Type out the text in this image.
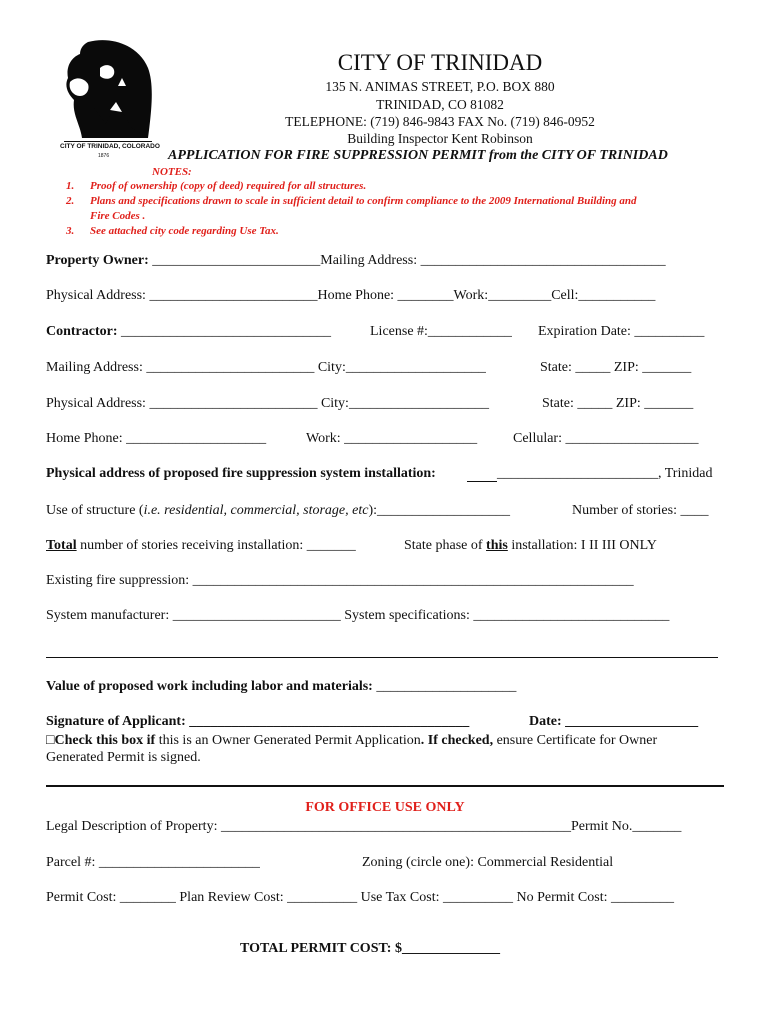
CITY OF TRINIDAD, COLORADO
1876
CITY OF TRINIDAD
135 N. ANIMAS STREET, P.O. BOX 880
TRINIDAD, CO 81082
TELEPHONE: (719) 846-9843 FAX No. (719) 846-0952
Building Inspector Kent Robinson
APPLICATION FOR FIRE SUPPRESSION PERMIT from the CITY OF TRINIDAD
NOTES:
1. Proof of ownership (copy of deed) required for all structures.
2. Plans and specifications drawn to scale in sufficient detail to confirm compliance to the 2009 International Building and
Fire Codes .
3. See attached city code regarding Use Tax.
Property Owner: ________________________Mailing Address: ___________________________________
Physical Address: ________________________Home Phone: ________Work:_________Cell:___________
Contractor: ______________________________	License #:____________ Expiration Date: __________
Mailing Address: ________________________ City:____________________	State: _____ ZIP: _______
Physical Address: ________________________ City:____________________	State: _____ ZIP: _______
Home Phone: ____________________	Work: ___________________	Cellular: ___________________
Physical address of proposed fire suppression system installation:	_______________________, Trinidad
Use of structure (i.e. residential, commercial, storage, etc):___________________	Number of stories: ____
Total number of stories receiving installation: _______	State phase of this installation: I II III ONLY
Existing fire suppression: _______________________________________________________________
System manufacturer: ________________________ System specifications: ____________________________
Value of proposed work including labor and materials: ____________________
Signature of Applicant: ________________________________________	Date: ___________________
□Check this box if this is an Owner Generated Permit Application. If checked, ensure Certificate for Owner
Generated Permit is signed.
FOR OFFICE USE ONLY
Legal Description of Property: __________________________________________________Permit No._______
Parcel #: _______________________	Zoning (circle one): Commercial Residential
Permit Cost: ________ Plan Review Cost: __________ Use Tax Cost: __________ No Permit Cost: _________
TOTAL PERMIT COST: $______________
